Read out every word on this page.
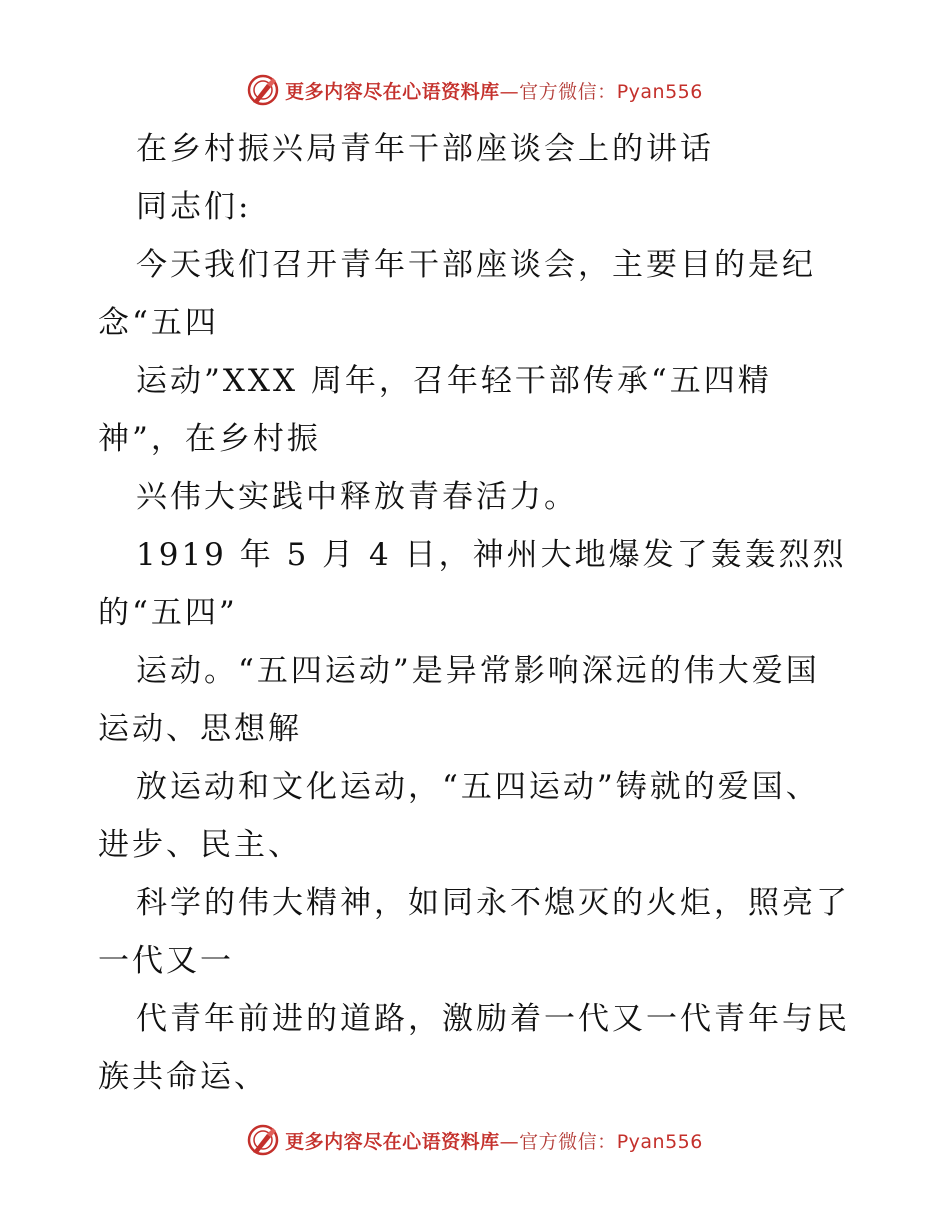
更多内容尽在心语资料库—官方微信：Pyan556
在乡村振兴局青年干部座谈会上的讲话
同志们:
今天我们召开青年干部座谈会，主要目的是纪
念“五四
运动”XXX 周年，召年轻干部传承“五四精
神”，在乡村振
兴伟大实践中释放青春活力。
1919 年 5 月 4 日，神州大地爆发了轰轰烈烈
的“五四”
运动。“五四运动”是异常影响深远的伟大爱国
运动、思想解
放运动和文化运动，“五四运动”铸就的爱国、
进步、民主、
科学的伟大精神，如同永不熄灭的火炬，照亮了
一代又一
代青年前进的道路，激励着一代又一代青年与民
族共命运、
更多内容尽在心语资料库—官方微信：Pyan556
